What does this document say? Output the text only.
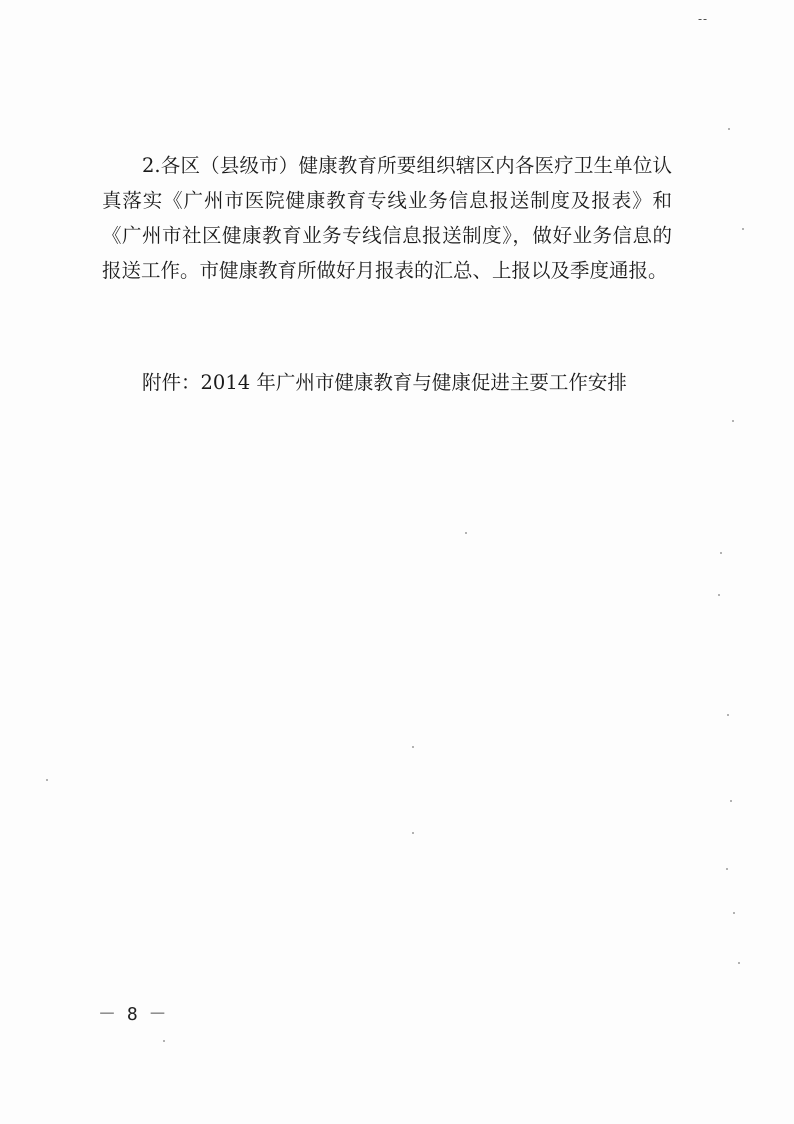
--

2.各区（县级市）健康教育所要组织辖区内各医疗卫生单位认真落实《广州市医院健康教育专线业务信息报送制度及报表》和《广州市社区健康教育业务专线信息报送制度》，做好业务信息的报送工作。市健康教育所做好月报表的汇总、上报以及季度通报。

附件：2014 年广州市健康教育与健康促进主要工作安排

－ 8 －
